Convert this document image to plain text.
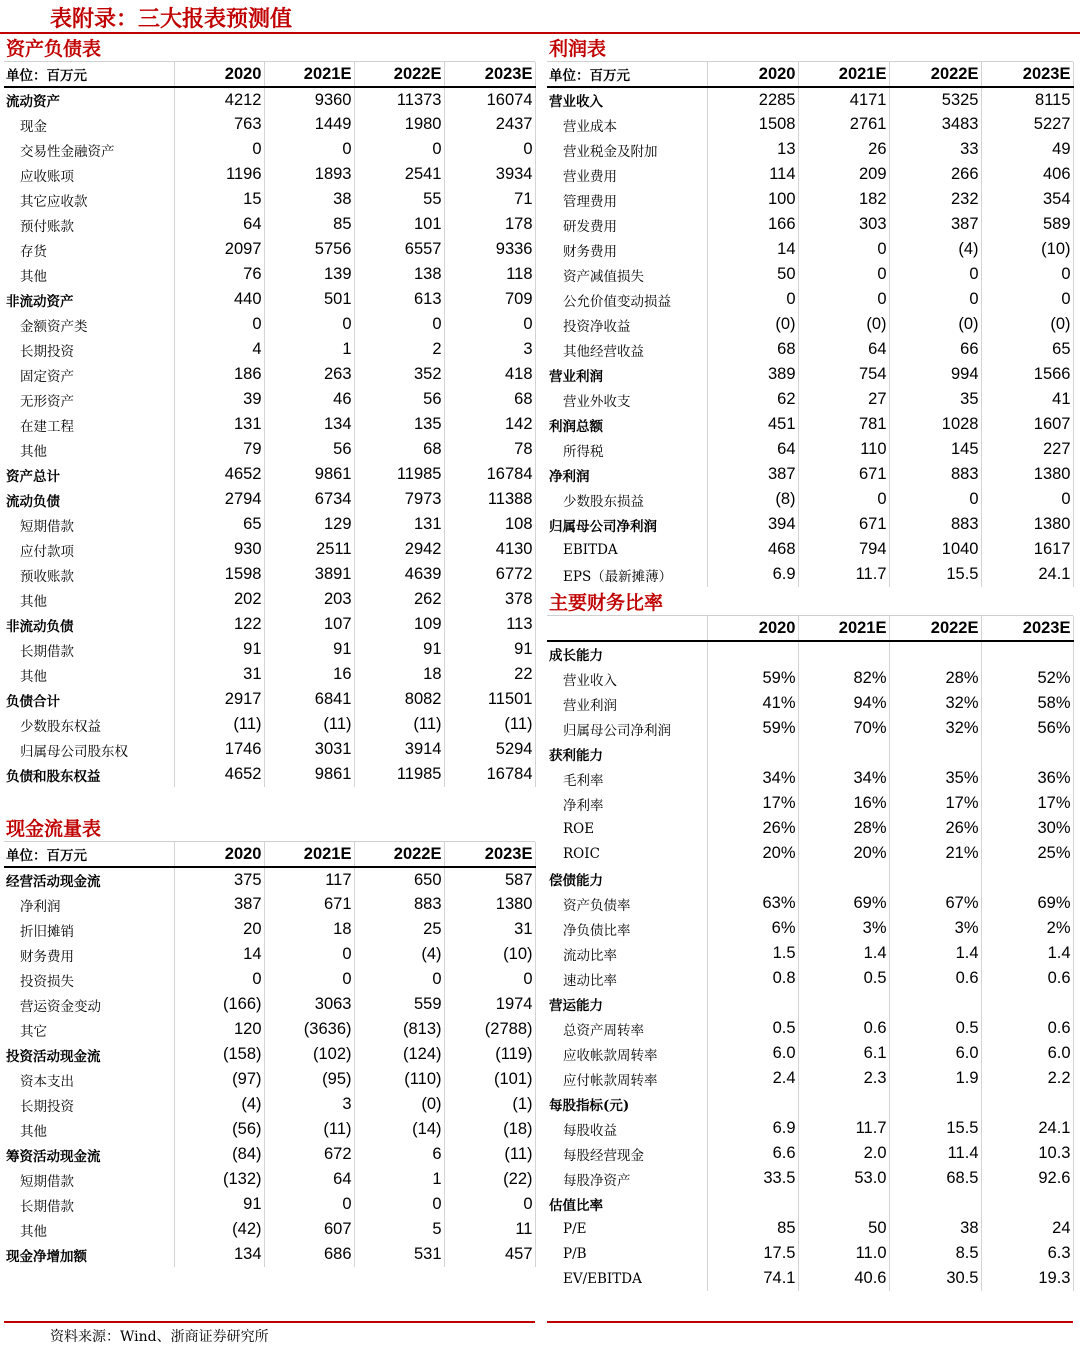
表附录：三大报表预测值
资产负债表
单位：百万元	2020	2021E	2022E	2023E
流动资产	4212	9360	11373	16074
现金	763	1449	1980	2437
交易性金融资产	0	0	0	0
应收账项	1196	1893	2541	3934
其它应收款	15	38	55	71
预付账款	64	85	101	178
存货	2097	5756	6557	9336
其他	76	139	138	118
非流动资产	440	501	613	709
金额资产类	0	0	0	0
长期投资	4	1	2	3
固定资产	186	263	352	418
无形资产	39	46	56	68
在建工程	131	134	135	142
其他	79	56	68	78
资产总计	4652	9861	11985	16784
流动负债	2794	6734	7973	11388
短期借款	65	129	131	108
应付款项	930	2511	2942	4130
预收账款	1598	3891	4639	6772
其他	202	203	262	378
非流动负债	122	107	109	113
长期借款	91	91	91	91
其他	31	16	18	22
负债合计	2917	6841	8082	11501
少数股东权益	(11)	(11)	(11)	(11)
归属母公司股东权	1746	3031	3914	5294
负债和股东权益	4652	9861	11985	16784
现金流量表
单位：百万元	2020	2021E	2022E	2023E
经营活动现金流	375	117	650	587
净利润	387	671	883	1380
折旧摊销	20	18	25	31
财务费用	14	0	(4)	(10)
投资损失	0	0	0	0
营运资金变动	(166)	3063	559	1974
其它	120	(3636)	(813)	(2788)
投资活动现金流	(158)	(102)	(124)	(119)
资本支出	(97)	(95)	(110)	(101)
长期投资	(4)	3	(0)	(1)
其他	(56)	(11)	(14)	(18)
筹资活动现金流	(84)	672	6	(11)
短期借款	(132)	64	1	(22)
长期借款	91	0	0	0
其他	(42)	607	5	11
现金净增加额	134	686	531	457
利润表
单位：百万元	2020	2021E	2022E	2023E
营业收入	2285	4171	5325	8115
营业成本	1508	2761	3483	5227
营业税金及附加	13	26	33	49
营业费用	114	209	266	406
管理费用	100	182	232	354
研发费用	166	303	387	589
财务费用	14	0	(4)	(10)
资产减值损失	50	0	0	0
公允价值变动损益	0	0	0	0
投资净收益	(0)	(0)	(0)	(0)
其他经营收益	68	64	66	65
营业利润	389	754	994	1566
营业外收支	62	27	35	41
利润总额	451	781	1028	1607
所得税	64	110	145	227
净利润	387	671	883	1380
少数股东损益	(8)	0	0	0
归属母公司净利润	394	671	883	1380
EBITDA	468	794	1040	1617
EPS（最新摊薄）	6.9	11.7	15.5	24.1
主要财务比率
	2020	2021E	2022E	2023E
成长能力				
营业收入	59%	82%	28%	52%
营业利润	41%	94%	32%	58%
归属母公司净利润	59%	70%	32%	56%
获利能力				
毛利率	34%	34%	35%	36%
净利率	17%	16%	17%	17%
ROE	26%	28%	26%	30%
ROIC	20%	20%	21%	25%
偿债能力				
资产负债率	63%	69%	67%	69%
净负债比率	6%	3%	3%	2%
流动比率	1.5	1.4	1.4	1.4
速动比率	0.8	0.5	0.6	0.6
营运能力				
总资产周转率	0.5	0.6	0.5	0.6
应收帐款周转率	6.0	6.1	6.0	6.0
应付帐款周转率	2.4	2.3	1.9	2.2
每股指标(元)				
每股收益	6.9	11.7	15.5	24.1
每股经营现金	6.6	2.0	11.4	10.3
每股净资产	33.5	53.0	68.5	92.6
估值比率				
P/E	85	50	38	24
P/B	17.5	11.0	8.5	6.3
EV/EBITDA	74.1	40.6	30.5	19.3
资料来源：Wind、浙商证券研究所
